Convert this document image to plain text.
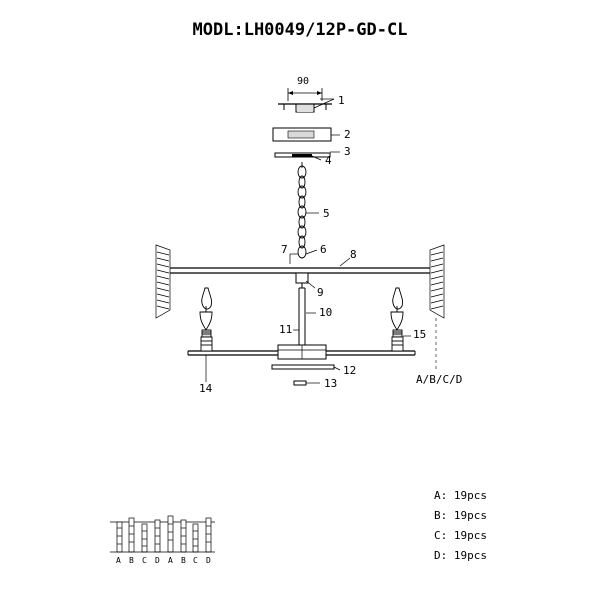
MODL:LH0049/12P-GD-CL
90
1
2
3
4
5
6
7	8
9
10
11
12
13
14
15
A/B/C/D
A: 19pcs
B: 19pcs
C: 19pcs
D: 19pcs
A B C D A B C D
